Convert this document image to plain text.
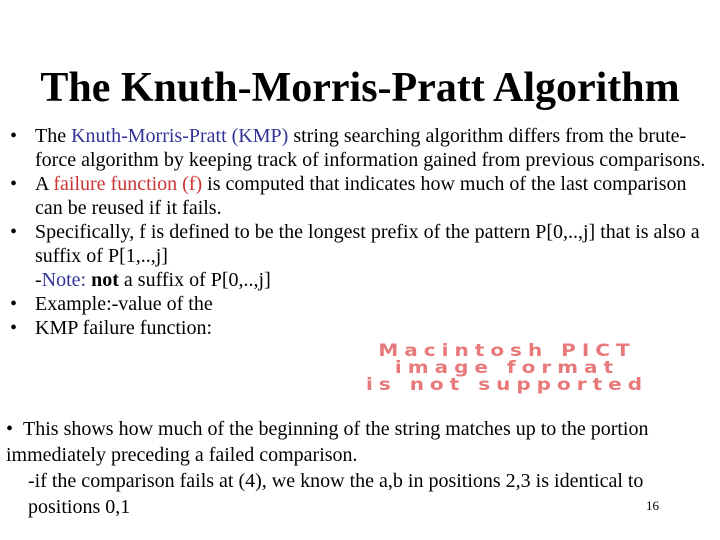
The Knuth-Morris-Pratt Algorithm
• The Knuth-Morris-Pratt (KMP) string searching algorithm differs from the brute-force algorithm by keeping track of information gained from previous comparisons.
• A failure function (f) is computed that indicates how much of the last comparison can be reused if it fails.
• Specifically, f is defined to be the longest prefix of the pattern P[0,..,j] that is also a suffix of P[1,..,j]
-Note: not a suffix of P[0,..,j]
• Example:-value of the
• KMP failure function:
Macintosh PICT
image format
is not supported
• This shows how much of the beginning of the string matches up to the portion immediately preceding a failed comparison.
-if the comparison fails at (4), we know the a,b in positions 2,3 is identical to positions 0,1	16
